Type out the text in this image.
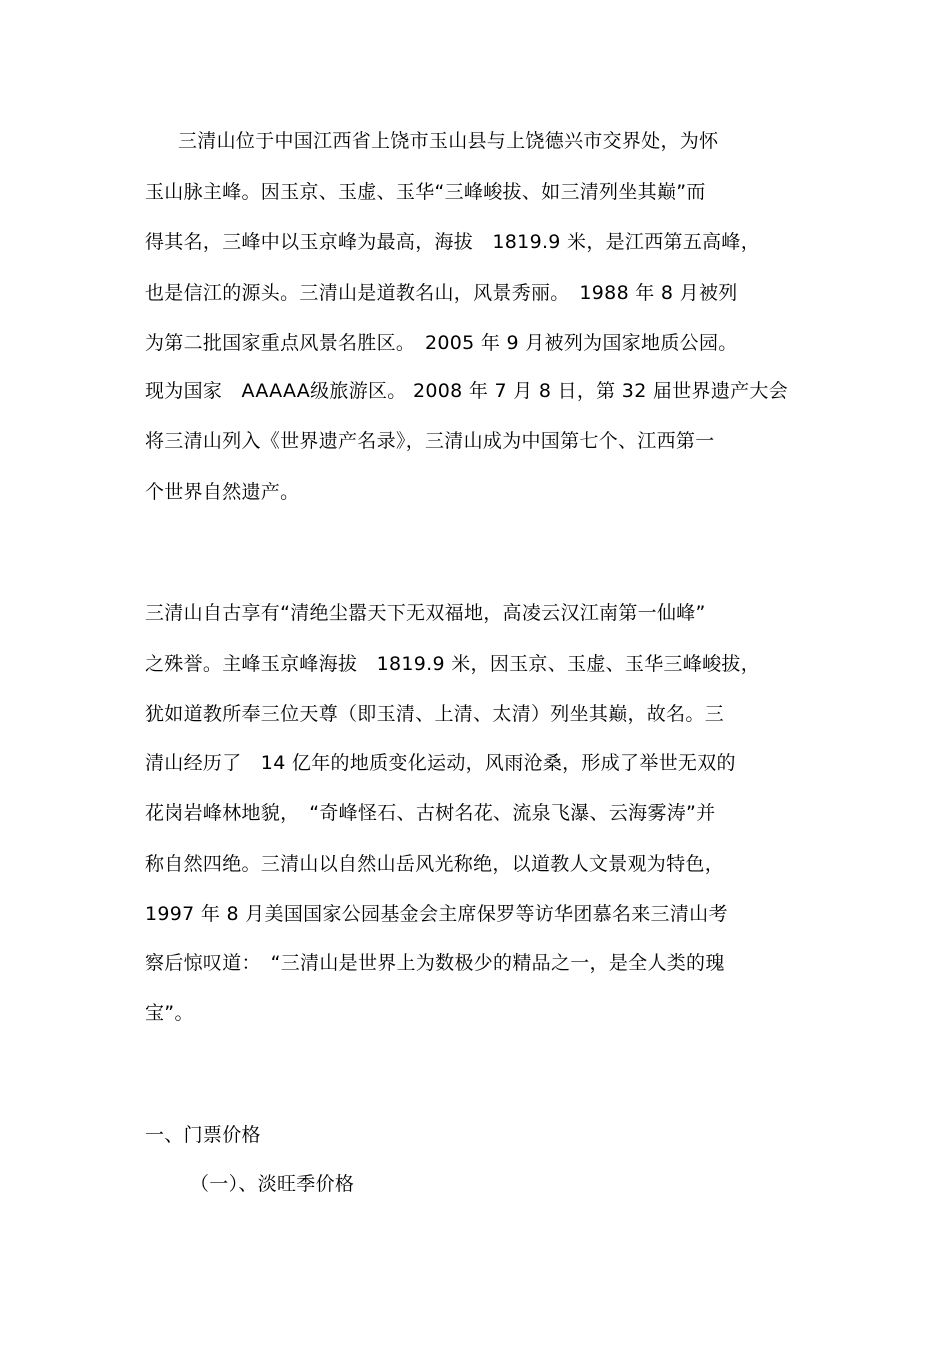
三清山位于中国江西省上饶市玉山县与上饶德兴市交界处，为怀
玉山脉主峰。因玉京、玉虚、玉华“三峰峻拔、如三清列坐其巅”而
得其名，三峰中以玉京峰为最高，海拔　1819.9 米，是江西第五高峰，
也是信江的源头。三清山是道教名山，风景秀丽。　1988 年 8 月被列
为第二批国家重点风景名胜区。　2005 年 9 月被列为国家地质公园。
现为国家　AAAAA级旅游区。 2008 年 7 月 8 日，第 32 届世界遗产大会
将三清山列入《世界遗产名录》，三清山成为中国第七个、江西第一
个世界自然遗产。
三清山自古享有“清绝尘嚣天下无双福地，高凌云汉江南第一仙峰”
之殊誉。主峰玉京峰海拔　1819.9 米，因玉京、玉虚、玉华三峰峻拔，
犹如道教所奉三位天尊（即玉清、上清、太清）列坐其巅，故名。三
清山经历了　14 亿年的地质变化运动，风雨沧桑，形成了举世无双的
花岗岩峰林地貌，　“奇峰怪石、古树名花、流泉飞瀑、云海雾涛”并
称自然四绝。三清山以自然山岳风光称绝，以道教人文景观为特色，
1997 年 8 月美国国家公园基金会主席保罗等访华团慕名来三清山考
察后惊叹道：　“三清山是世界上为数极少的精品之一，是全人类的瑰
宝”。
一、门票价格
（一）、淡旺季价格
